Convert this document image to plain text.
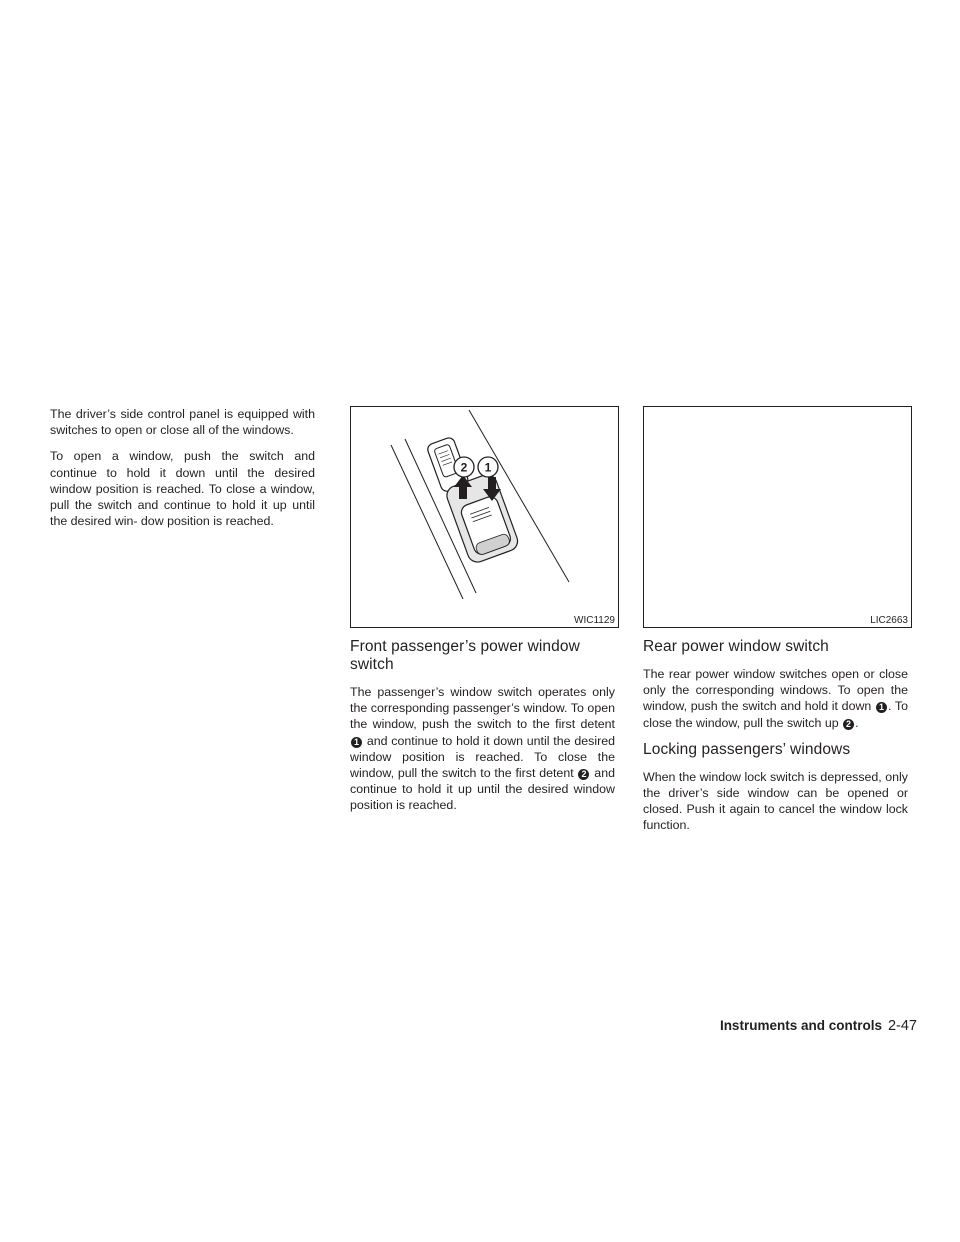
The driver’s side control panel is equipped with switches to open or close all of the windows.

To open a window, push the switch and continue to hold it down until the desired window position is reached. To close a window, pull the switch and continue to hold it up until the desired win- dow position is reached.

2 1
WIC1129
Front passenger’s power window switch

The passenger’s window switch operates only the corresponding passenger’s window. To open the window, push the switch to the first detent 1 and continue to hold it down until the desired window position is reached. To close the window, pull the switch to the first detent 2 and continue to hold it up until the desired window position is reached.

LIC2663
Rear power window switch

The rear power window switches open or close only the corresponding windows. To open the window, push the switch and hold it down 1 . To close the window, pull the switch up 2 .

Locking passengers’ windows

When the window lock switch is depressed, only the driver’s side window can be opened or closed. Push it again to cancel the window lock function.

Instruments and controls 2-47
